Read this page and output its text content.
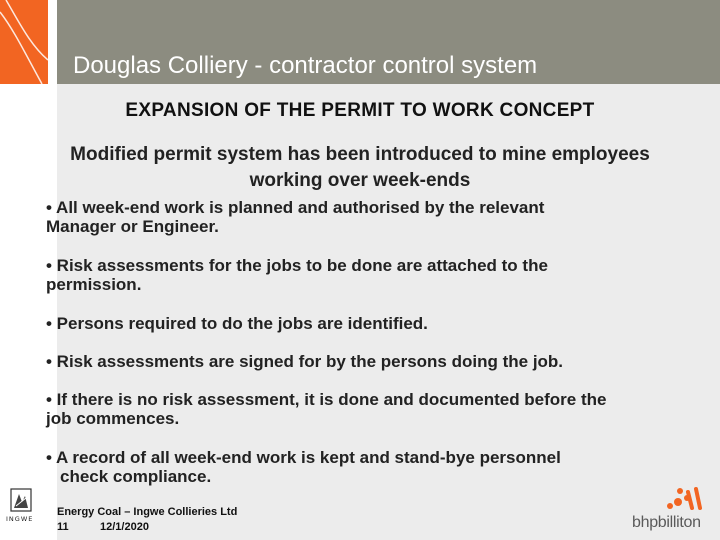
Douglas Colliery - contractor control system
EXPANSION OF THE PERMIT TO WORK CONCEPT
Modified permit system has been introduced to mine employees
working over week-ends
• All week-end work is planned and authorised by the relevant
Manager or Engineer.
• Risk assessments for the jobs to be done are attached to the
permission.
• Persons required to do the jobs are identified.
• Risk assessments are signed for by the persons doing the job.
• If there is no risk assessment, it is done and documented before the
job commences.
• A record of all week-end work is kept and stand-bye personnel
check compliance.
INGWE
Energy Coal – Ingwe Collieries Ltd
11	12/1/2020	bhpbilliton
